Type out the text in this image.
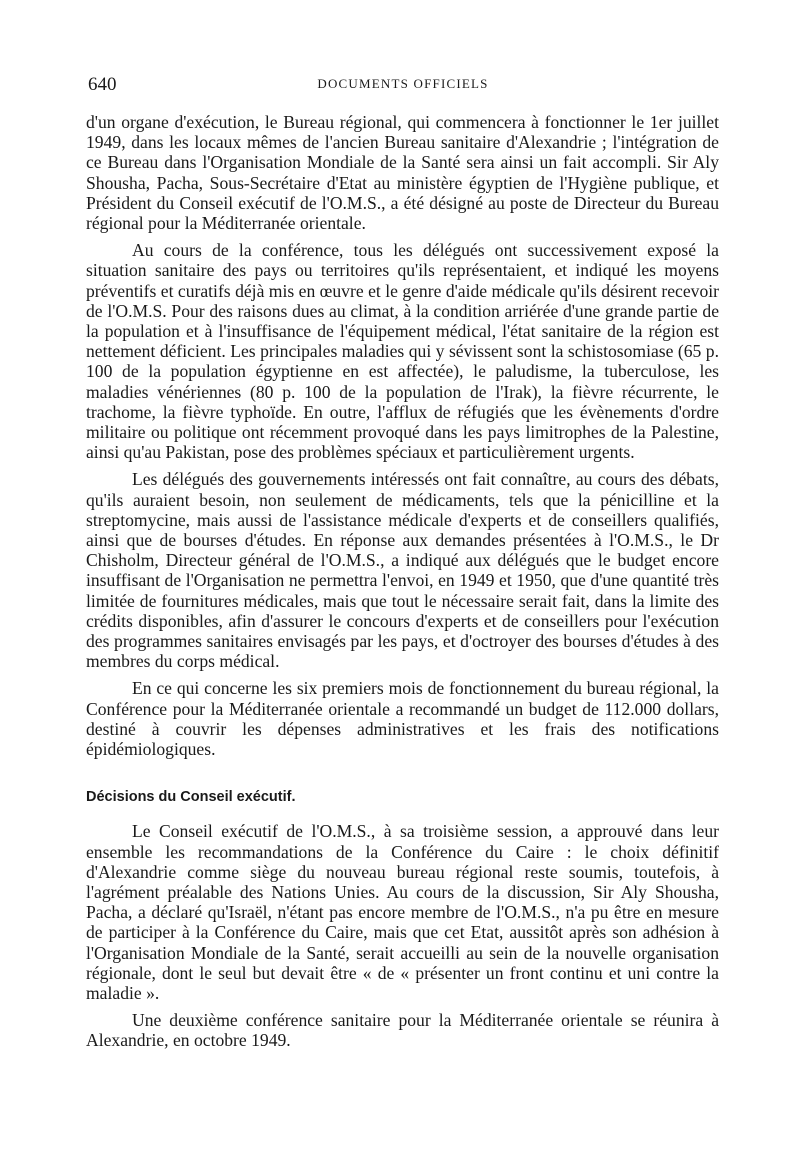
640	DOCUMENTS OFFICIELS

d'un organe d'exécution, le Bureau régional, qui commencera à fonctionner le 1er juillet 1949, dans les locaux mêmes de l'ancien Bureau sanitaire d'Alexandrie ; l'intégration de ce Bureau dans l'Organisation Mondiale de la Santé sera ainsi un fait accompli. Sir Aly Shousha, Pacha, Sous-Secrétaire d'Etat au ministère égyptien de l'Hygiène publique, et Président du Conseil exécutif de l'O.M.S., a été désigné au poste de Directeur du Bureau régional pour la Méditerranée orientale.

Au cours de la conférence, tous les délégués ont successivement exposé la situation sanitaire des pays ou territoires qu'ils représentaient, et indiqué les moyens préventifs et curatifs déjà mis en œuvre et le genre d'aide médicale qu'ils désirent recevoir de l'O.M.S. Pour des raisons dues au climat, à la condition arriérée d'une grande partie de la population et à l'insuffisance de l'équipement médical, l'état sanitaire de la région est nettement déficient. Les principales maladies qui y sévissent sont la schistosomiase (65 p. 100 de la population égyptienne en est affectée), le paludisme, la tuberculose, les maladies vénériennes (80 p. 100 de la population de l'Irak), la fièvre récurrente, le trachome, la fièvre typhoïde. En outre, l'afflux de réfugiés que les évènements d'ordre militaire ou politique ont récemment provoqué dans les pays limitrophes de la Palestine, ainsi qu'au Pakistan, pose des problèmes spéciaux et particulièrement urgents.

Les délégués des gouvernements intéressés ont fait connaître, au cours des débats, qu'ils auraient besoin, non seulement de médicaments, tels que la pénicilline et la streptomycine, mais aussi de l'assistance médicale d'experts et de conseillers qualifiés, ainsi que de bourses d'études. En réponse aux demandes présentées à l'O.M.S., le Dr Chisholm, Directeur général de l'O.M.S., a indiqué aux délégués que le budget encore insuffisant de l'Organisation ne permettra l'envoi, en 1949 et 1950, que d'une quantité très limitée de fournitures médicales, mais que tout le nécessaire serait fait, dans la limite des crédits disponibles, afin d'assurer le concours d'experts et de conseillers pour l'exécution des programmes sanitaires envisagés par les pays, et d'octroyer des bourses d'études à des membres du corps médical.

En ce qui concerne les six premiers mois de fonctionnement du bureau régional, la Conférence pour la Méditerranée orientale a recommandé un budget de 112.000 dollars, destiné à couvrir les dépenses administratives et les frais des notifications épidémiologiques.

Décisions du Conseil exécutif.

Le Conseil exécutif de l'O.M.S., à sa troisième session, a approuvé dans leur ensemble les recommandations de la Conférence du Caire : le choix définitif d'Alexandrie comme siège du nouveau bureau régional reste soumis, toutefois, à l'agrément préalable des Nations Unies. Au cours de la discussion, Sir Aly Shousha, Pacha, a déclaré qu'Israël, n'étant pas encore membre de l'O.M.S., n'a pu être en mesure de participer à la Conférence du Caire, mais que cet Etat, aussitôt après son adhésion à l'Organisation Mondiale de la Santé, serait accueilli au sein de la nouvelle organisation régionale, dont le seul but devait être « de « présenter un front continu et uni contre la maladie ».

Une deuxième conférence sanitaire pour la Méditerranée orientale se réunira à Alexandrie, en octobre 1949.
